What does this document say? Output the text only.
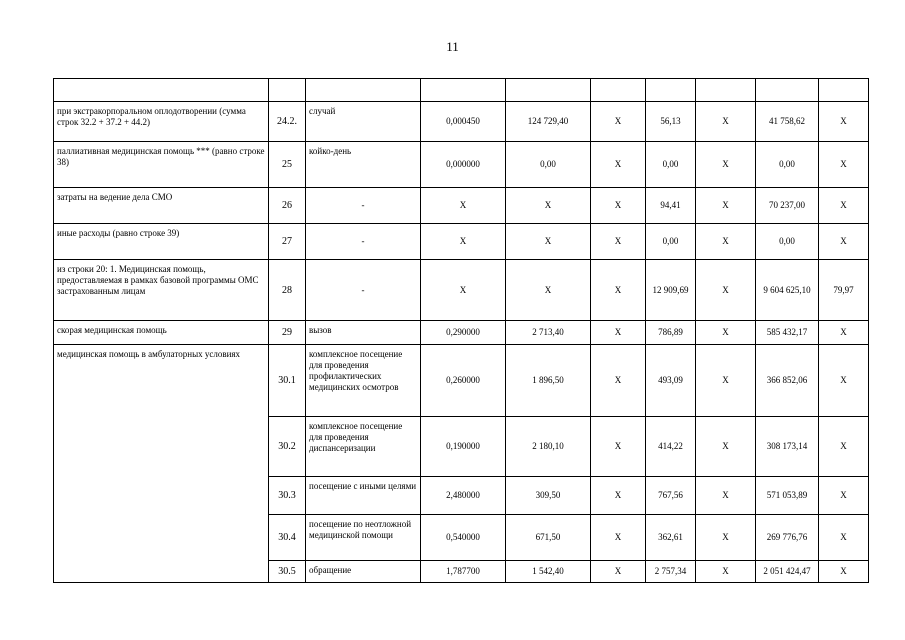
11

при экстракорпоральном оплодотворении (сумма строк 32.2 + 37.2 + 44.2)	24.2.	случай	0,000450	124 729,40	Х	56,13	Х	41 758,62	Х
паллиативная медицинская помощь *** (равно строке 38)	25	койко-день	0,000000	0,00	Х	0,00	Х	0,00	Х
затраты на ведение дела СМО	26	-	Х	Х	Х	94,41	Х	70 237,00	Х
иные расходы (равно строке 39)	27	-	Х	Х	Х	0,00	Х	0,00	Х
из строки 20: 1. Медицинская помощь, предоставляемая в рамках базовой программы ОМС застрахованным лицам	28	-	Х	Х	Х	12 909,69	Х	9 604 625,10	79,97
скорая медицинская помощь	29	вызов	0,290000	2 713,40	Х	786,89	Х	585 432,17	Х
медицинская помощь в амбулаторных условиях	30.1	комплексное посещение для проведения профилактических медицинских осмотров	0,260000	1 896,50	Х	493,09	Х	366 852,06	Х
	30.2	комплексное посещение для проведения диспансеризации	0,190000	2 180,10	Х	414,22	Х	308 173,14	Х
	30.3	посещение с иными целями	2,480000	309,50	Х	767,56	Х	571 053,89	Х
	30.4	посещение по неотложной медицинской помощи	0,540000	671,50	Х	362,61	Х	269 776,76	Х
	30.5	обращение	1,787700	1 542,40	Х	2 757,34	Х	2 051 424,47	Х
